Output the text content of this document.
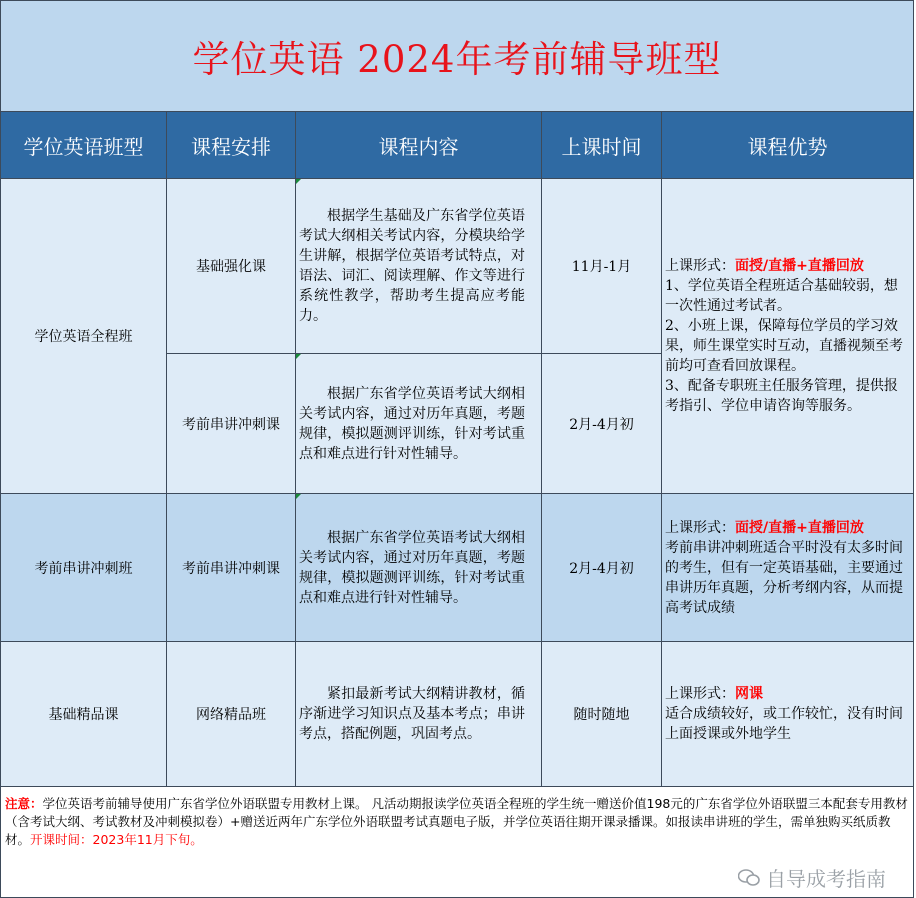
学位英语 2024年考前辅导班型				
学位英语班型	课程安排	课程内容	上课时间	课程优势
学位英语全程班	基础强化课	根据学生基础及广东省学位英语考试大纲相关考试内容，分模块给学生讲解，根据学位英语考试特点，对语法、词汇、阅读理解、作文等进行系统性教学，帮助考生提高应考能力。	11月-1月	上课形式：面授/直播+直播回放
1、学位英语全程班适合基础较弱，想一次性通过考试者。
2、小班上课，保障每位学员的学习效果，师生课堂实时互动，直播视频至考前均可查看回放课程。
3、配备专职班主任服务管理，提供报考指引、学位申请咨询等服务。

	考前串讲冲刺课	根据广东省学位英语考试大纲相关考试内容，通过对历年真题，考题规律，模拟题测评训练，针对考试重点和难点进行针对性辅导。	2月-4月初	
考前串讲冲刺班	考前串讲冲刺课	根据广东省学位英语考试大纲相关考试内容，通过对历年真题，考题规律，模拟题测评训练，针对考试重点和难点进行针对性辅导。	2月-4月初	上课形式：面授/直播+直播回放
考前串讲冲刺班适合平时没有太多时间的考生，但有一定英语基础，主要通过串讲历年真题，分析考纲内容，从而提高考试成绩

基础精品课	网络精品班	紧扣最新考试大纲精讲教材，循序渐进学习知识点及基本考点；串讲考点，搭配例题，巩固考点。	随时随地	上课形式：网课
适合成绩较好，或工作较忙，没有时间上面授课或外地学生

注意：学位英语考前辅导使用广东省学位外语联盟专用教材上课。 凡活动期报读学位英语全程班的学生统一赠送价值198元的广东省学位外语联盟三本配套专用教材（含考试大纲、考试教材及冲刺模拟卷）+赠送近两年广东学位外语联盟考试真题电子版，并学位英语往期开课录播课。如报读串讲班的学生，需单独购买纸质教材。开课时间：2023年11月下旬。				
自导成考指南
